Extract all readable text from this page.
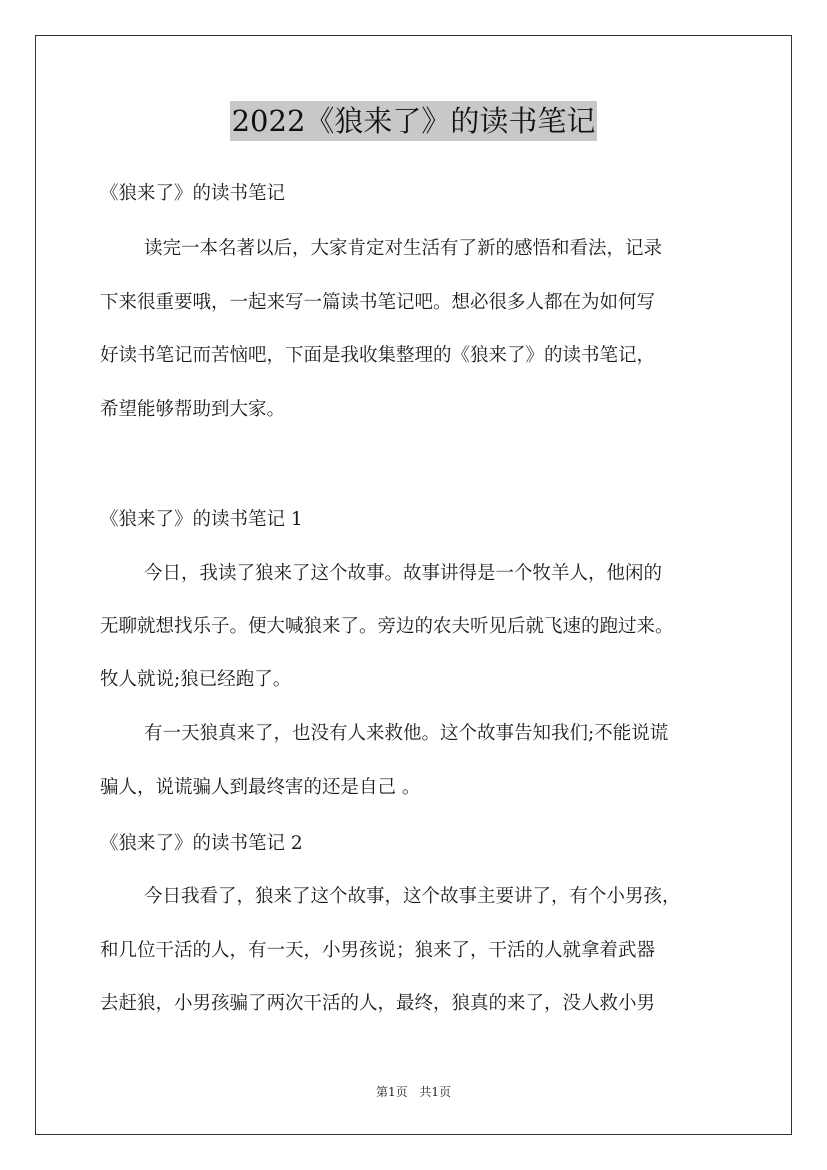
2022《狼来了》的读书笔记
《狼来了》的读书笔记
读完一本名著以后，大家肯定对生活有了新的感悟和看法，记录
下来很重要哦，一起来写一篇读书笔记吧。想必很多人都在为如何写
好读书笔记而苦恼吧，下面是我收集整理的《狼来了》的读书笔记，
希望能够帮助到大家。
《狼来了》的读书笔记 1
今日，我读了狼来了这个故事。故事讲得是一个牧羊人，他闲的
无聊就想找乐子。便大喊狼来了。旁边的农夫听见后就飞速的跑过来。
牧人就说;狼已经跑了。
有一天狼真来了，也没有人来救他。这个故事告知我们;不能说谎
骗人，说谎骗人到最终害的还是自己 。
《狼来了》的读书笔记 2
今日我看了，狼来了这个故事，这个故事主要讲了，有个小男孩，
和几位干活的人，有一天，小男孩说；狼来了，干活的人就拿着武器
去赶狼，小男孩骗了两次干活的人，最终，狼真的来了，没人救小男
第1页 共1页
